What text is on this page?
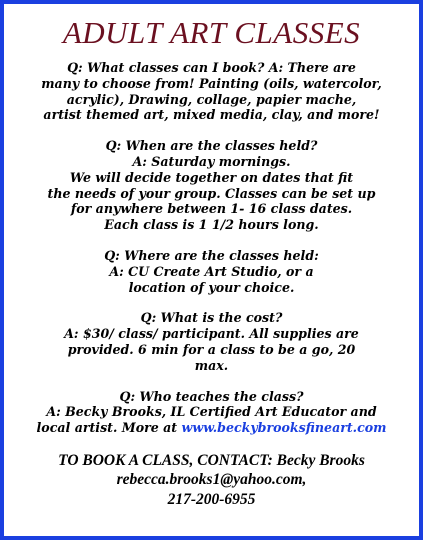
ADULT ART CLASSES
Q: What classes can I book? A: There are
many to choose from! Painting (oils, watercolor,
acrylic), Drawing, collage, papier mache,
artist themed art, mixed media, clay, and more!
Q: When are the classes held?
A: Saturday mornings.
We will decide together on dates that fit
the needs of your group. Classes can be set up
for anywhere between 1- 16 class dates.
Each class is 1 1/2 hours long.
Q: Where are the classes held:
A: CU Create Art Studio, or a
location of your choice.
Q: What is the cost?
A: $30/ class/ participant. All supplies are
provided. 6 min for a class to be a go, 20
max.
Q: Who teaches the class?
A: Becky Brooks, IL Certified Art Educator and
local artist. More at www.beckybrooksfineart.com
TO BOOK A CLASS, CONTACT: Becky Brooks
rebecca.brooks1@yahoo.com,
217-200-6955
